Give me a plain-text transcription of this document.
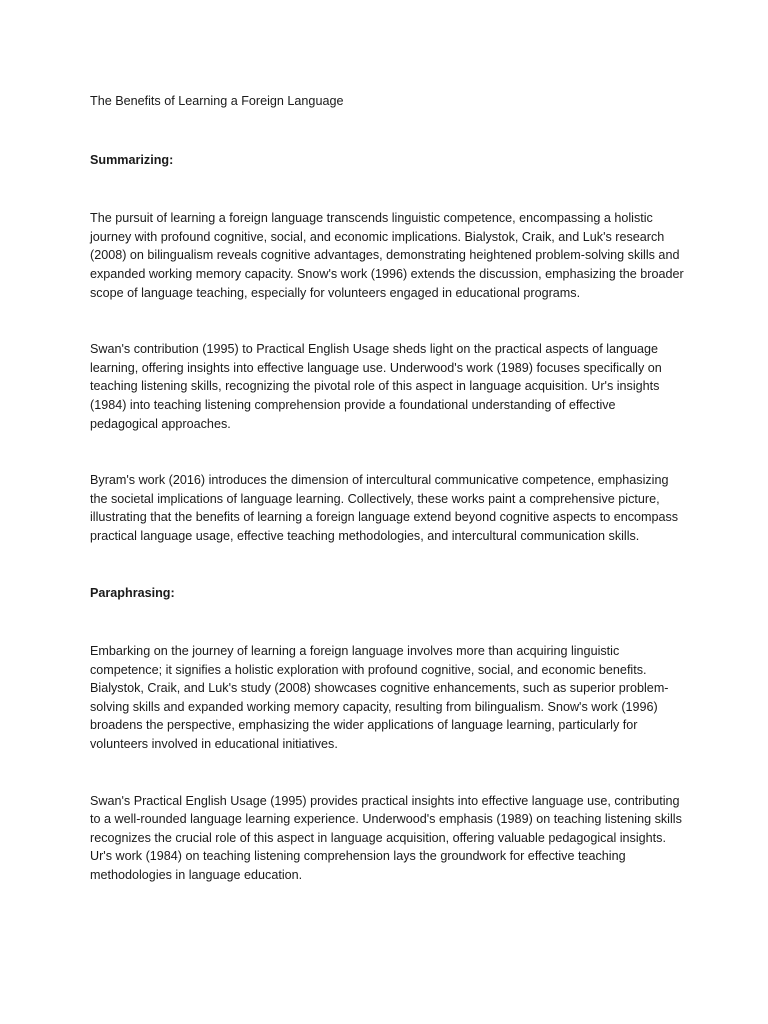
The Benefits of Learning a Foreign Language
Summarizing:

The pursuit of learning a foreign language transcends linguistic competence, encompassing a holistic journey with profound cognitive, social, and economic implications. Bialystok, Craik, and Luk's research (2008) on bilingualism reveals cognitive advantages, demonstrating heightened problem-solving skills and expanded working memory capacity. Snow's work (1996) extends the discussion, emphasizing the broader scope of language teaching, especially for volunteers engaged in educational programs.

Swan's contribution (1995) to Practical English Usage sheds light on the practical aspects of language learning, offering insights into effective language use. Underwood's work (1989) focuses specifically on teaching listening skills, recognizing the pivotal role of this aspect in language acquisition. Ur's insights (1984) into teaching listening comprehension provide a foundational understanding of effective pedagogical approaches.

Byram's work (2016) introduces the dimension of intercultural communicative competence, emphasizing the societal implications of language learning. Collectively, these works paint a comprehensive picture, illustrating that the benefits of learning a foreign language extend beyond cognitive aspects to encompass practical language usage, effective teaching methodologies, and intercultural communication skills.

Paraphrasing:

Embarking on the journey of learning a foreign language involves more than acquiring linguistic competence; it signifies a holistic exploration with profound cognitive, social, and economic benefits. Bialystok, Craik, and Luk's study (2008) showcases cognitive enhancements, such as superior problem-solving skills and expanded working memory capacity, resulting from bilingualism. Snow's work (1996) broadens the perspective, emphasizing the wider applications of language learning, particularly for volunteers involved in educational initiatives.

Swan's Practical English Usage (1995) provides practical insights into effective language use, contributing to a well-rounded language learning experience. Underwood's emphasis (1989) on teaching listening skills recognizes the crucial role of this aspect in language acquisition, offering valuable pedagogical insights. Ur's work (1984) on teaching listening comprehension lays the groundwork for effective teaching methodologies in language education.
